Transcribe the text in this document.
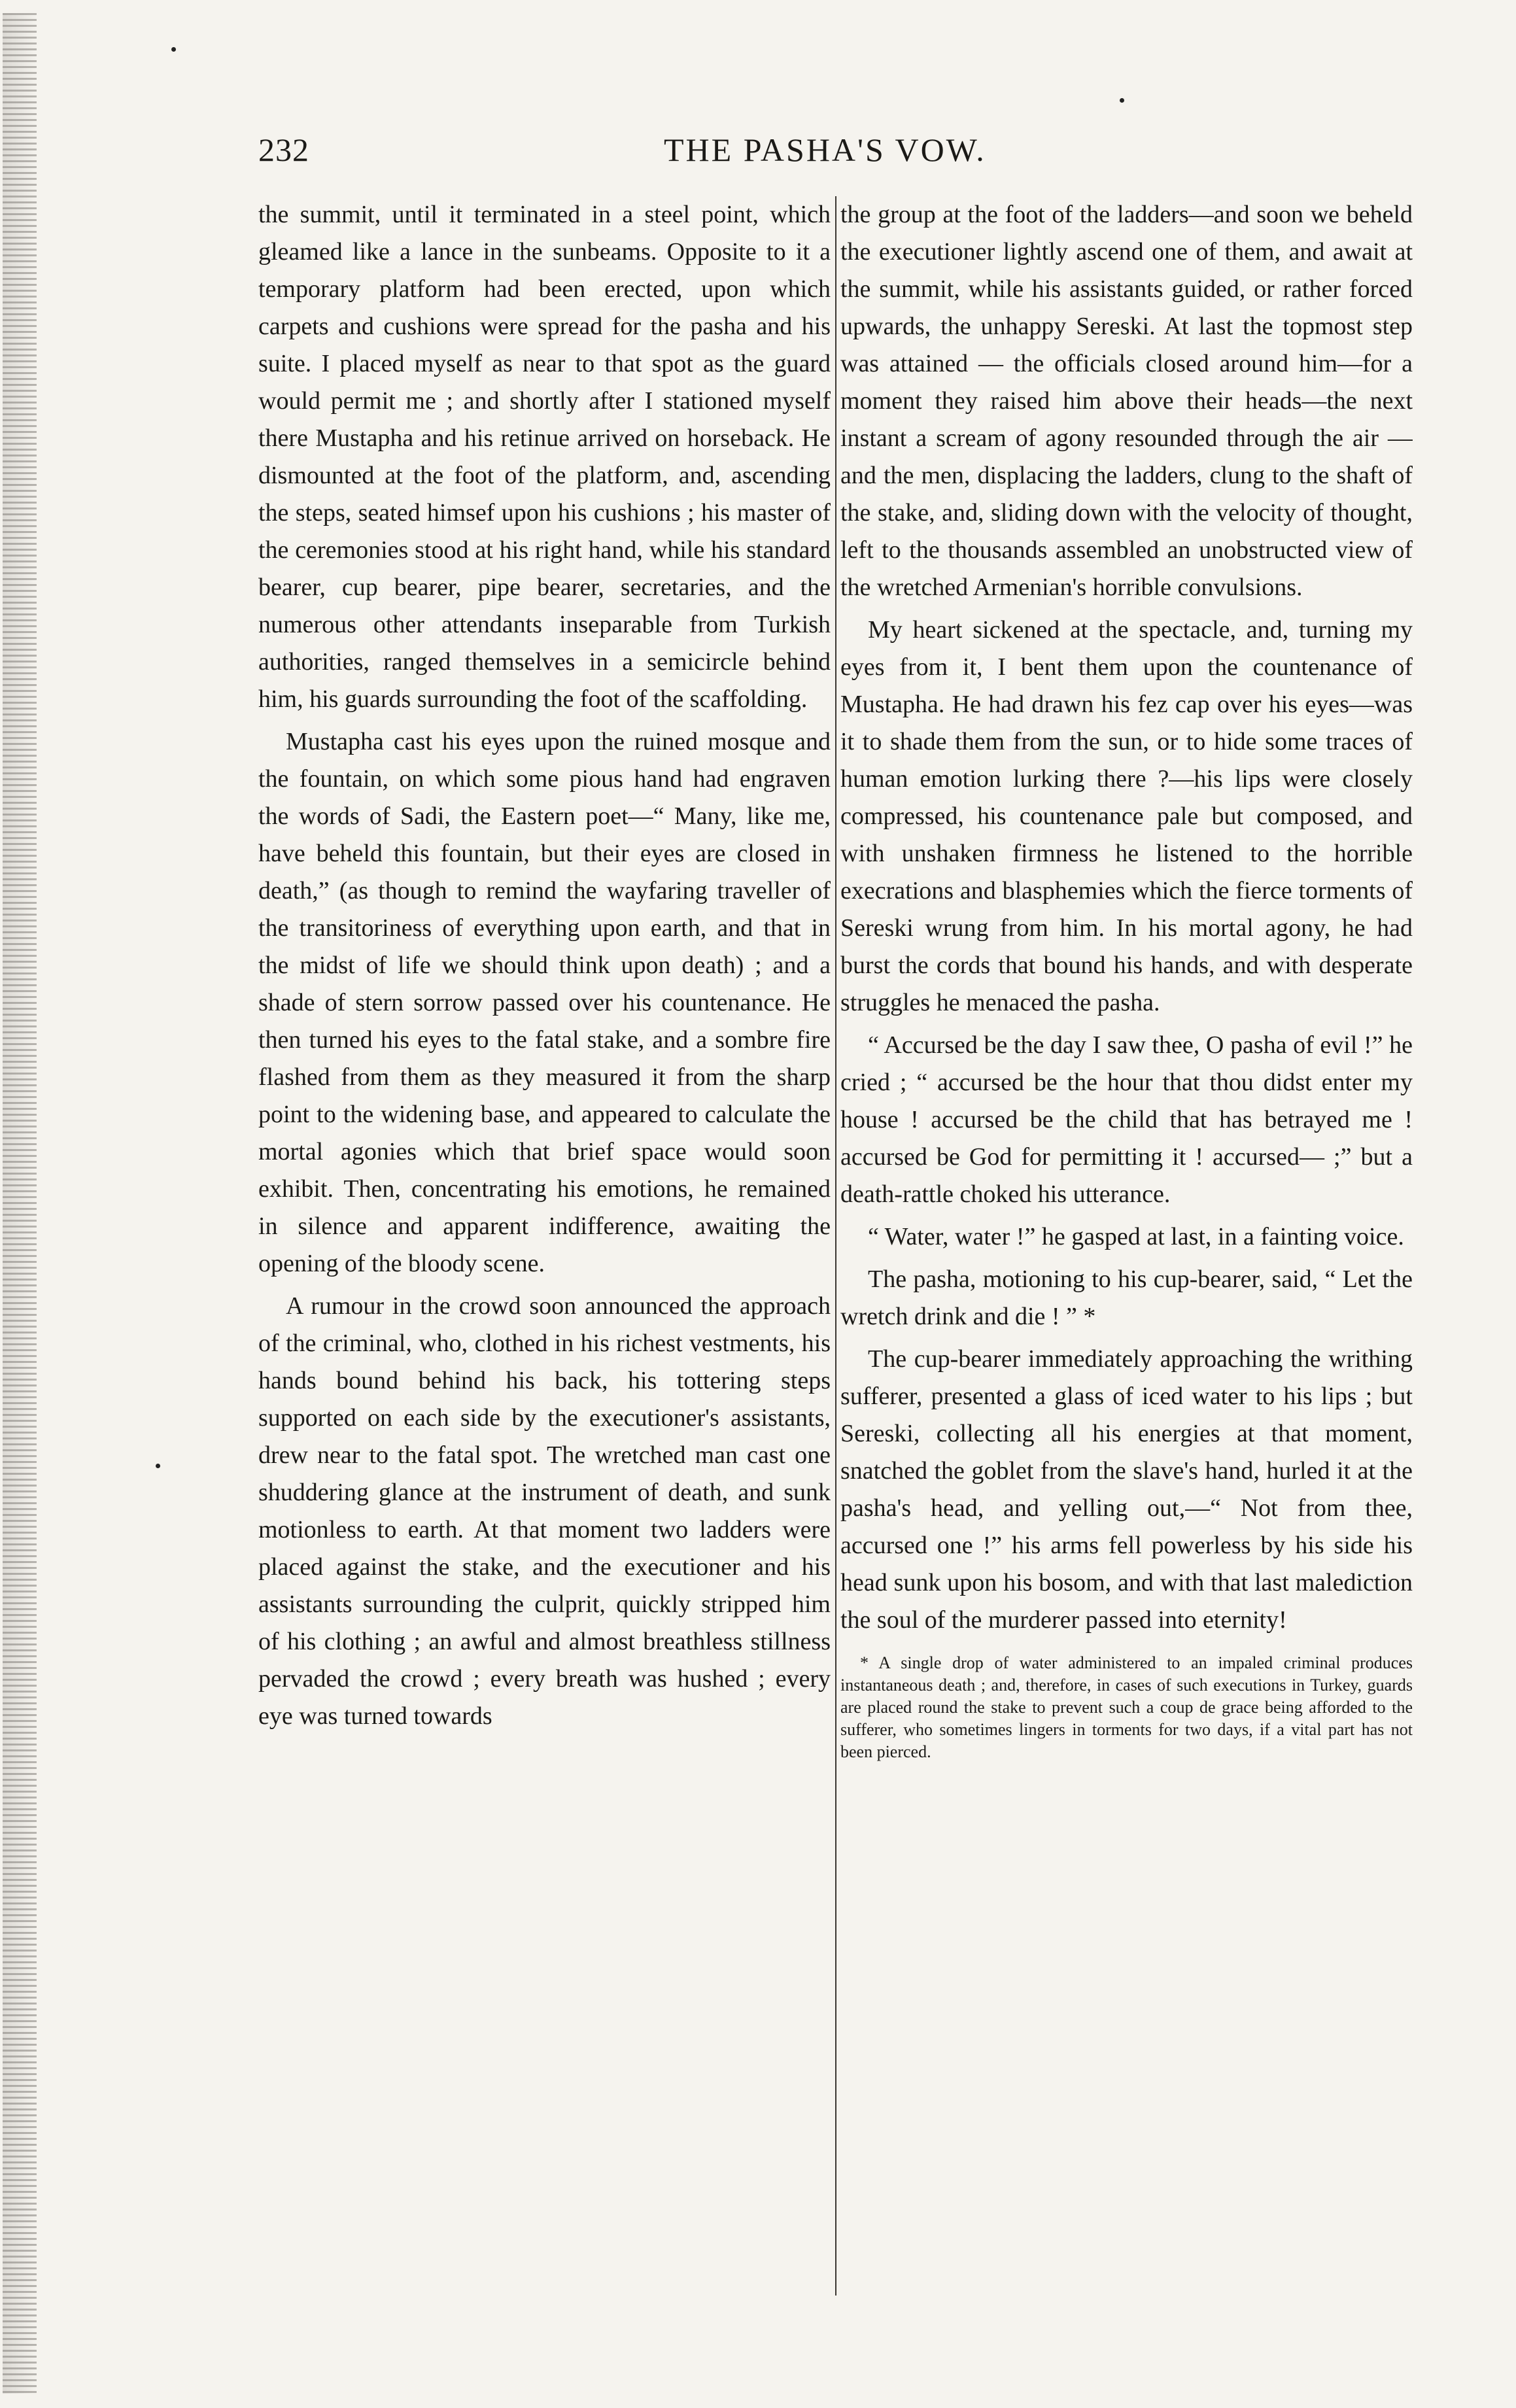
232	THE PASHA'S VOW.

the summit, until it terminated in a steel point, which gleamed like a lance in the sunbeams. Opposite to it a temporary platform had been erected, upon which carpets and cushions were spread for the pasha and his suite. I placed myself as near to that spot as the guard would permit me ; and shortly after I stationed myself there Mustapha and his retinue arrived on horseback. He dismounted at the foot of the platform, and, ascending the steps, seated himsef upon his cushions ; his master of the ceremonies stood at his right hand, while his standard bearer, cup bearer, pipe bearer, secretaries, and the numerous other attendants inseparable from Turkish authorities, ranged themselves in a semicircle behind him, his guards surrounding the foot of the scaffolding.

Mustapha cast his eyes upon the ruined mosque and the fountain, on which some pious hand had engraven the words of Sadi, the Eastern poet—“ Many, like me, have beheld this fountain, but their eyes are closed in death,” (as though to remind the wayfaring traveller of the transitoriness of everything upon earth, and that in the midst of life we should think upon death) ; and a shade of stern sorrow passed over his countenance. He then turned his eyes to the fatal stake, and a sombre fire flashed from them as they measured it from the sharp point to the widening base, and appeared to calculate the mortal agonies which that brief space would soon exhibit. Then, concentrating his emotions, he remained in silence and apparent indifference, awaiting the opening of the bloody scene.

A rumour in the crowd soon announced the approach of the criminal, who, clothed in his richest vestments, his hands bound behind his back, his tottering steps supported on each side by the executioner's assistants, drew near to the fatal spot. The wretched man cast one shuddering glance at the instrument of death, and sunk motionless to earth. At that moment two ladders were placed against the stake, and the executioner and his assistants surrounding the culprit, quickly stripped him of his clothing ; an awful and almost breathless stillness pervaded the crowd ; every breath was hushed ; every eye was turned towards

the group at the foot of the ladders—and soon we beheld the executioner lightly ascend one of them, and await at the summit, while his assistants guided, or rather forced upwards, the unhappy Sereski. At last the topmost step was attained — the officials closed around him—for a moment they raised him above their heads—the next instant a scream of agony resounded through the air —and the men, displacing the ladders, clung to the shaft of the stake, and, sliding down with the velocity of thought, left to the thousands assembled an unobstructed view of the wretched Armenian's horrible convulsions.

My heart sickened at the spectacle, and, turning my eyes from it, I bent them upon the countenance of Mustapha. He had drawn his fez cap over his eyes—was it to shade them from the sun, or to hide some traces of human emotion lurking there ?—his lips were closely compressed, his countenance pale but composed, and with unshaken firmness he listened to the horrible execrations and blasphemies which the fierce torments of Sereski wrung from him. In his mortal agony, he had burst the cords that bound his hands, and with desperate struggles he menaced the pasha.

“ Accursed be the day I saw thee, O pasha of evil !” he cried ; “ accursed be the hour that thou didst enter my house ! accursed be the child that has betrayed me ! accursed be God for permitting it ! accursed— ;” but a death-rattle choked his utterance.

“ Water, water !” he gasped at last, in a fainting voice.

The pasha, motioning to his cup-bearer, said, “ Let the wretch drink and die ! ” *

The cup-bearer immediately approaching the writhing sufferer, presented a glass of iced water to his lips ; but Sereski, collecting all his energies at that moment, snatched the goblet from the slave's hand, hurled it at the pasha's head, and yelling out,—“ Not from thee, accursed one !” his arms fell powerless by his side his head sunk upon his bosom, and with that last malediction the soul of the murderer passed into eternity!

* A single drop of water administered to an impaled criminal produces instantaneous death ; and, therefore, in cases of such executions in Turkey, guards are placed round the stake to prevent such a coup de grace being afforded to the sufferer, who sometimes lingers in torments for two days, if a vital part has not been pierced.
